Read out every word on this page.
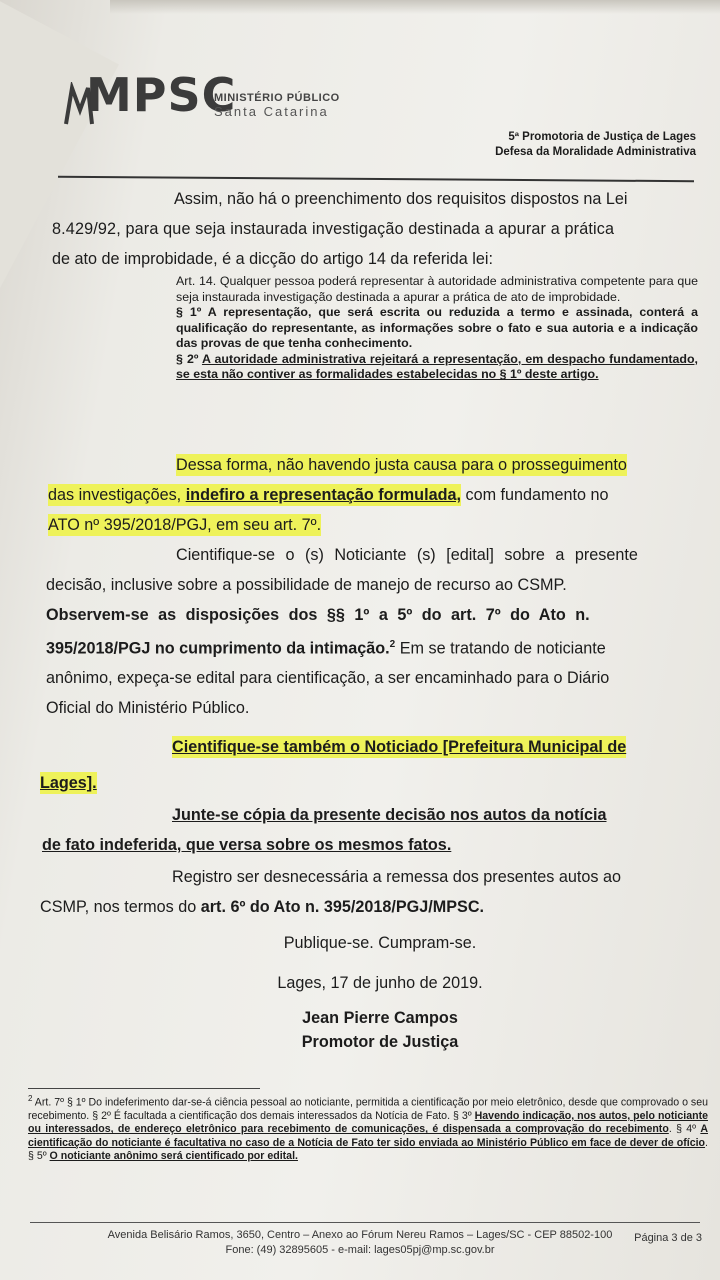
MPSC
MINISTÉRIO PÚBLICO
Santa Catarina
5ª Promotoria de Justiça de Lages
Defesa da Moralidade Administrativa
Assim, não há o preenchimento dos requisitos dispostos na Lei
8.429/92, para que seja instaurada investigação destinada a apurar a prática
de ato de improbidade, é a dicção do artigo 14 da referida lei:

Art. 14. Qualquer pessoa poderá representar à autoridade administrativa competente para que seja instaurada investigação destinada a apurar a prática de ato de improbidade.

§ 1º A representação, que será escrita ou reduzida a termo e assinada, conterá a qualificação do representante, as informações sobre o fato e sua autoria e a indicação das provas de que tenha conhecimento.

§ 2º A autoridade administrativa rejeitará a representação, em despacho fundamentado, se esta não contiver as formalidades estabelecidas no § 1º deste artigo.

Dessa forma, não havendo justa causa para o prosseguimento
das investigações, indefiro a representação formulada, com fundamento no
ATO nº 395/2018/PGJ, em seu art. 7º.
Cientifique-se o (s) Noticiante (s) [edital] sobre a presente
decisão, inclusive sobre a possibilidade de manejo de recurso ao CSMP.
Observem-se as disposições dos §§ 1º a 5º do art. 7º do Ato n.
395/2018/PGJ no cumprimento da intimação.$^2$ Em se tratando de noticiante
anônimo, expeça-se edital para cientificação, a ser encaminhado para o Diário
Oficial do Ministério Público.
Cientifique-se também o Noticiado [Prefeitura Municipal de
Lages].
Junte-se cópia da presente decisão nos autos da notícia
de fato indeferida, que versa sobre os mesmos fatos.
Registro ser desnecessária a remessa dos presentes autos ao
CSMP, nos termos do art. 6º do Ato n. 395/2018/PGJ/MPSC.
Publique-se. Cumpram-se.
Lages, 17 de junho de 2019.
Jean Pierre Campos
Promotor de Justiça
$^2$ Art. 7º § 1º Do indeferimento dar-se-á ciência pessoal ao noticiante, permitida a cientificação por meio eletrônico, desde que comprovado o seu recebimento. § 2º É facultada a cientificação dos demais interessados da Notícia de Fato. § 3º Havendo indicação, nos autos, pelo noticiante ou interessados, de endereço eletrônico para recebimento de comunicações, é dispensada a comprovação do recebimento. § 4º A cientificação do noticiante é facultativa no caso de a Notícia de Fato ter sido enviada ao Ministério Público em face de dever de ofício. § 5º O noticiante anônimo será cientificado por edital.
Avenida Belisário Ramos, 3650, Centro – Anexo ao Fórum Nereu Ramos – Lages/SC - CEP 88502-100
Fone: (49) 32895605 - e-mail: lages05pj@mp.sc.gov.br
Página 3 de 3
